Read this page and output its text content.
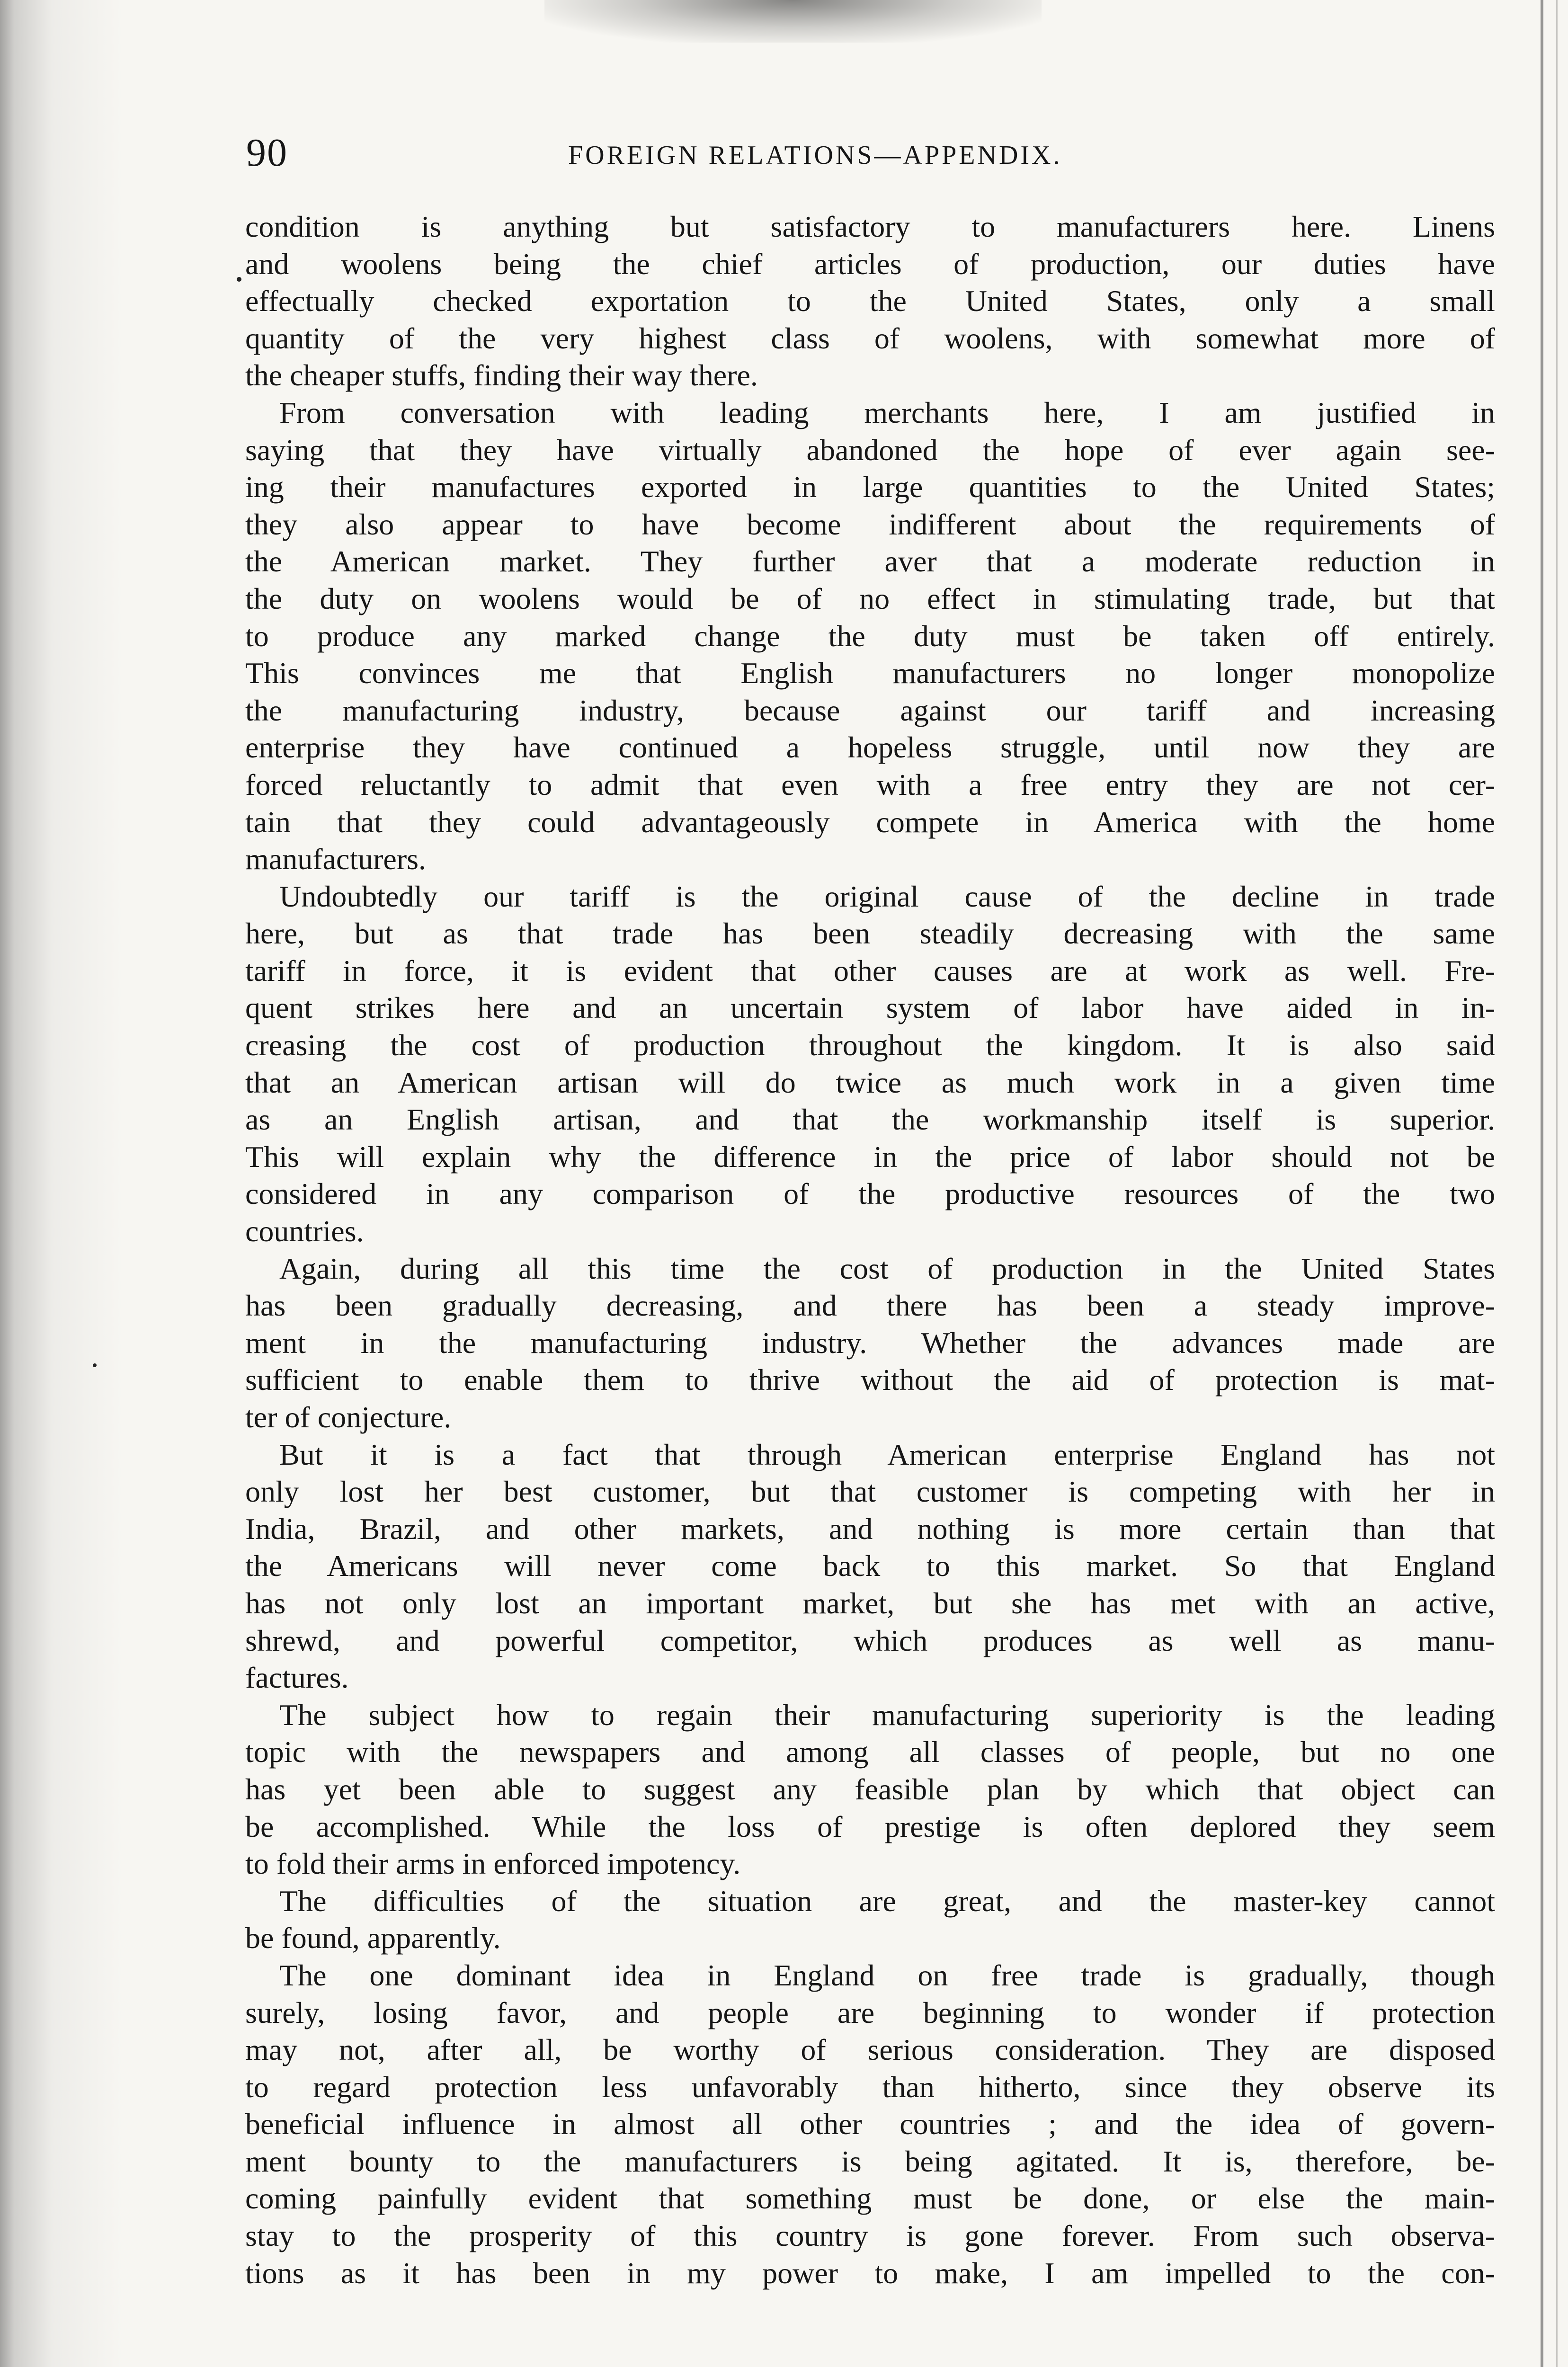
90	FOREIGN RELATIONS—APPENDIX.
condition is anything but satisfactory to manufacturers here. Linens
and woolens being the chief articles of production, our duties have
effectually checked exportation to the United States, only a small
quantity of the very highest class of woolens, with somewhat more of
the cheaper stuffs, finding their way there.
From conversation with leading merchants here, I am justified in
saying that they have virtually abandoned the hope of ever again see-
ing their manufactures exported in large quantities to the United States;
they also appear to have become indifferent about the requirements of
the American market. They further aver that a moderate reduction in
the duty on woolens would be of no effect in stimulating trade, but that
to produce any marked change the duty must be taken off entirely.
This convinces me that English manufacturers no longer monopolize
the manufacturing industry, because against our tariff and increasing
enterprise they have continued a hopeless struggle, until now they are
forced reluctantly to admit that even with a free entry they are not cer-
tain that they could advantageously compete in America with the home
manufacturers.
Undoubtedly our tariff is the original cause of the decline in trade
here, but as that trade has been steadily decreasing with the same
tariff in force, it is evident that other causes are at work as well. Fre-
quent strikes here and an uncertain system of labor have aided in in-
creasing the cost of production throughout the kingdom. It is also said
that an American artisan will do twice as much work in a given time
as an English artisan, and that the workmanship itself is superior.
This will explain why the difference in the price of labor should not be
considered in any comparison of the productive resources of the two
countries.
Again, during all this time the cost of production in the United States
has been gradually decreasing, and there has been a steady improve-
ment in the manufacturing industry. Whether the advances made are
sufficient to enable them to thrive without the aid of protection is mat-
ter of conjecture.
But it is a fact that through American enterprise England has not
only lost her best customer, but that customer is competing with her in
India, Brazil, and other markets, and nothing is more certain than that
the Americans will never come back to this market. So that England
has not only lost an important market, but she has met with an active,
shrewd, and powerful competitor, which produces as well as manu-
factures.
The subject how to regain their manufacturing superiority is the leading
topic with the newspapers and among all classes of people, but no one
has yet been able to suggest any feasible plan by which that object can
be accomplished. While the loss of prestige is often deplored they seem
to fold their arms in enforced impotency.
The difficulties of the situation are great, and the master-key cannot
be found, apparently.
The one dominant idea in England on free trade is gradually, though
surely, losing favor, and people are beginning to wonder if protection
may not, after all, be worthy of serious consideration. They are disposed
to regard protection less unfavorably than hitherto, since they observe its
beneficial influence in almost all other countries ; and the idea of govern-
ment bounty to the manufacturers is being agitated. It is, therefore, be-
coming painfully evident that something must be done, or else the main-
stay to the prosperity of this country is gone forever. From such observa-
tions as it has been in my power to make, I am impelled to the con-
